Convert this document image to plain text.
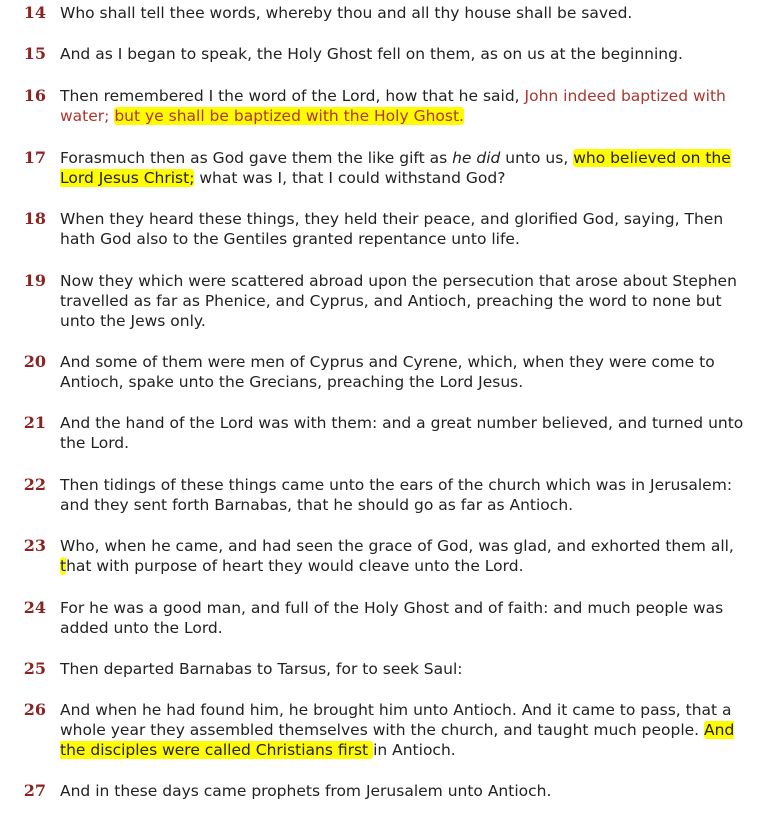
14 Who shall tell thee words, whereby thou and all thy house shall be saved.
15 And as I began to speak, the Holy Ghost fell on them, as on us at the beginning.
16 Then remembered I the word of the Lord, how that he said, John indeed baptized with water; but ye shall be baptized with the Holy Ghost.
17 Forasmuch then as God gave them the like gift as he did unto us, who believed on the Lord Jesus Christ; what was I, that I could withstand God?
18 When they heard these things, they held their peace, and glorified God, saying, Then hath God also to the Gentiles granted repentance unto life.
19 Now they which were scattered abroad upon the persecution that arose about Stephen travelled as far as Phenice, and Cyprus, and Antioch, preaching the word to none but unto the Jews only.
20 And some of them were men of Cyprus and Cyrene, which, when they were come to Antioch, spake unto the Grecians, preaching the Lord Jesus.
21 And the hand of the Lord was with them: and a great number believed, and turned unto the Lord.
22 Then tidings of these things came unto the ears of the church which was in Jerusalem: and they sent forth Barnabas, that he should go as far as Antioch.
23 Who, when he came, and had seen the grace of God, was glad, and exhorted them all, that with purpose of heart they would cleave unto the Lord.
24 For he was a good man, and full of the Holy Ghost and of faith: and much people was added unto the Lord.
25 Then departed Barnabas to Tarsus, for to seek Saul:
26 And when he had found him, he brought him unto Antioch. And it came to pass, that a whole year they assembled themselves with the church, and taught much people. And the disciples were called Christians first in Antioch.
27 And in these days came prophets from Jerusalem unto Antioch.
